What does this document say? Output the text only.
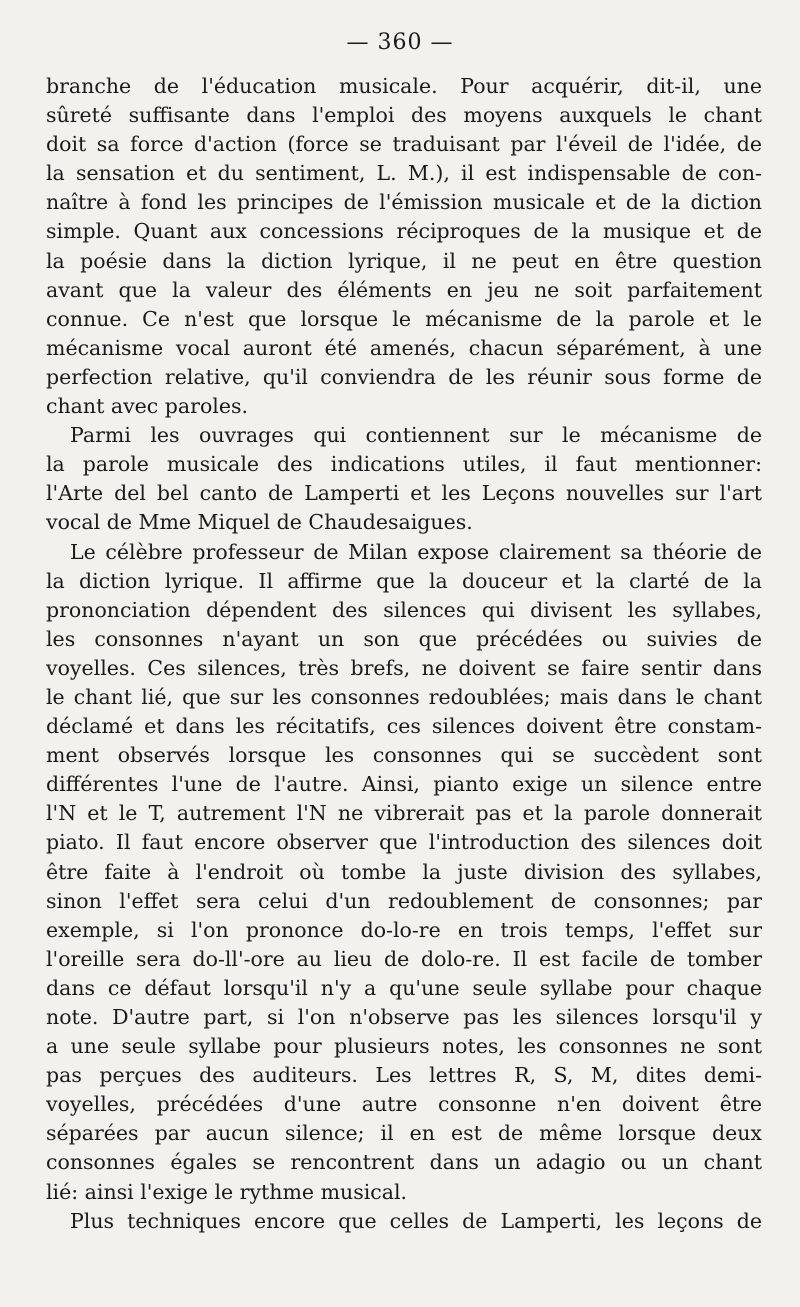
— 360 —
branche de l'éducation musicale. Pour acquérir, dit-il, une
sûreté suffisante dans l'emploi des moyens auxquels le chant
doit sa force d'action (force se traduisant par l'éveil de l'idée, de
la sensation et du sentiment, L. M.), il est indispensable de con-
naître à fond les principes de l'émission musicale et de la diction
simple. Quant aux concessions réciproques de la musique et de
la poésie dans la diction lyrique, il ne peut en être question
avant que la valeur des éléments en jeu ne soit parfaitement
connue. Ce n'est que lorsque le mécanisme de la parole et le
mécanisme vocal auront été amenés, chacun séparément, à une
perfection relative, qu'il conviendra de les réunir sous forme de
chant avec paroles.
Parmi les ouvrages qui contiennent sur le mécanisme de
la parole musicale des indications utiles, il faut mentionner:
l'Arte del bel canto de Lamperti et les Leçons nouvelles sur l'art
vocal de Mme Miquel de Chaudesaigues.
Le célèbre professeur de Milan expose clairement sa théorie de
la diction lyrique. Il affirme que la douceur et la clarté de la
prononciation dépendent des silences qui divisent les syllabes,
les consonnes n'ayant un son que précédées ou suivies de
voyelles. Ces silences, très brefs, ne doivent se faire sentir dans
le chant lié, que sur les consonnes redoublées; mais dans le chant
déclamé et dans les récitatifs, ces silences doivent être constam-
ment observés lorsque les consonnes qui se succèdent sont
différentes l'une de l'autre. Ainsi, pianto exige un silence entre
l'N et le T, autrement l'N ne vibrerait pas et la parole donnerait
piato. Il faut encore observer que l'introduction des silences doit
être faite à l'endroit où tombe la juste division des syllabes,
sinon l'effet sera celui d'un redoublement de consonnes; par
exemple, si l'on prononce do-lo-re en trois temps, l'effet sur
l'oreille sera do-ll'-ore au lieu de dolo-re. Il est facile de tomber
dans ce défaut lorsqu'il n'y a qu'une seule syllabe pour chaque
note. D'autre part, si l'on n'observe pas les silences lorsqu'il y
a une seule syllabe pour plusieurs notes, les consonnes ne sont
pas perçues des auditeurs. Les lettres R, S, M, dites demi-
voyelles, précédées d'une autre consonne n'en doivent être
séparées par aucun silence; il en est de même lorsque deux
consonnes égales se rencontrent dans un adagio ou un chant
lié: ainsi l'exige le rythme musical.
Plus techniques encore que celles de Lamperti, les leçons de
